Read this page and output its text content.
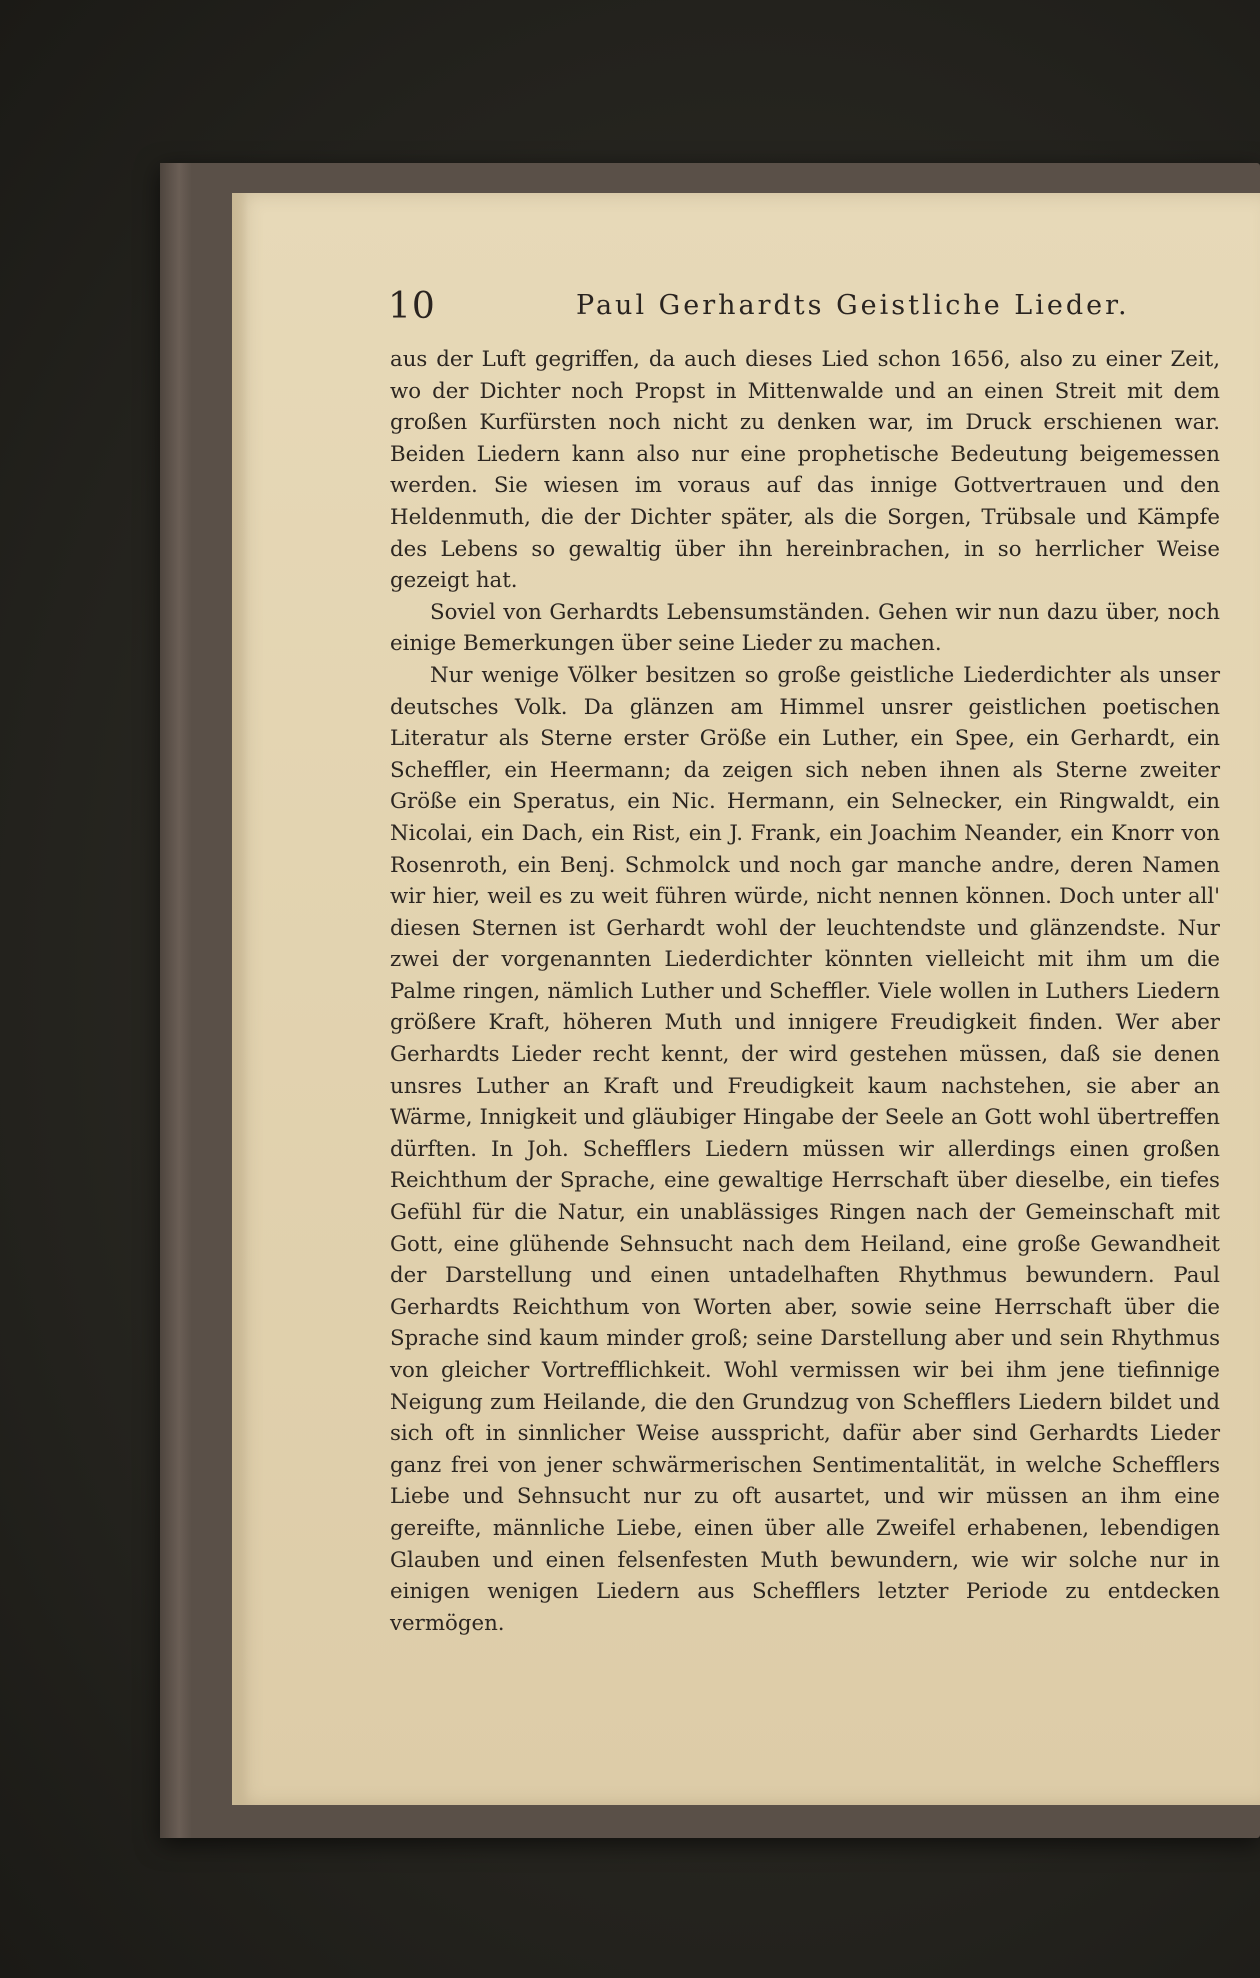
10	Paul Gerhardts Geistliche Lieder.

aus der Luft gegriffen, da auch dieses Lied schon 1656, also zu einer Zeit, wo der Dichter noch Propst in Mittenwalde und an einen Streit mit dem großen Kurfürsten noch nicht zu denken war, im Druck erschienen war. Beiden Liedern kann also nur eine prophetische Bedeutung beigemessen werden. Sie wiesen im voraus auf das innige Gottvertrauen und den Heldenmuth, die der Dichter später, als die Sorgen, Trübsale und Kämpfe des Lebens so gewaltig über ihn hereinbrachen, in so herrlicher Weise gezeigt hat.

Soviel von Gerhardts Lebensumständen. Gehen wir nun dazu über, noch einige Bemerkungen über seine Lieder zu machen.

Nur wenige Völker besitzen so große geistliche Liederdichter als unser deutsches Volk. Da glänzen am Himmel unsrer geistlichen poetischen Literatur als Sterne erster Größe ein Luther, ein Spee, ein Gerhardt, ein Scheffler, ein Heermann; da zeigen sich neben ihnen als Sterne zweiter Größe ein Speratus, ein Nic. Hermann, ein Selnecker, ein Ringwaldt, ein Nicolai, ein Dach, ein Rist, ein J. Frank, ein Joachim Neander, ein Knorr von Rosenroth, ein Benj. Schmolck und noch gar manche andre, deren Namen wir hier, weil es zu weit führen würde, nicht nennen können. Doch unter all' diesen Sternen ist Gerhardt wohl der leuchtendste und glänzendste. Nur zwei der vorgenannten Liederdichter könnten vielleicht mit ihm um die Palme ringen, nämlich Luther und Scheffler. Viele wollen in Luthers Liedern größere Kraft, höheren Muth und innigere Freudigkeit finden. Wer aber Gerhardts Lieder recht kennt, der wird gestehen müssen, daß sie denen unsres Luther an Kraft und Freudigkeit kaum nachstehen, sie aber an Wärme, Innigkeit und gläubiger Hingabe der Seele an Gott wohl übertreffen dürften. In Joh. Schefflers Liedern müssen wir allerdings einen großen Reichthum der Sprache, eine gewaltige Herrschaft über dieselbe, ein tiefes Gefühl für die Natur, ein unablässiges Ringen nach der Gemeinschaft mit Gott, eine glühende Sehnsucht nach dem Heiland, eine große Gewandheit der Darstellung und einen untadelhaften Rhythmus bewundern. Paul Gerhardts Reichthum von Worten aber, sowie seine Herrschaft über die Sprache sind kaum minder groß; seine Darstellung aber und sein Rhythmus von gleicher Vortrefflichkeit. Wohl vermissen wir bei ihm jene tiefinnige Neigung zum Heilande, die den Grundzug von Schefflers Liedern bildet und sich oft in sinnlicher Weise ausspricht, dafür aber sind Gerhardts Lieder ganz frei von jener schwärmerischen Sentimentalität, in welche Schefflers Liebe und Sehnsucht nur zu oft ausartet, und wir müssen an ihm eine gereifte, männliche Liebe, einen über alle Zweifel erhabenen, lebendigen Glauben und einen felsenfesten Muth bewundern, wie wir solche nur in einigen wenigen Liedern aus Schefflers letzter Periode zu entdecken vermögen.
